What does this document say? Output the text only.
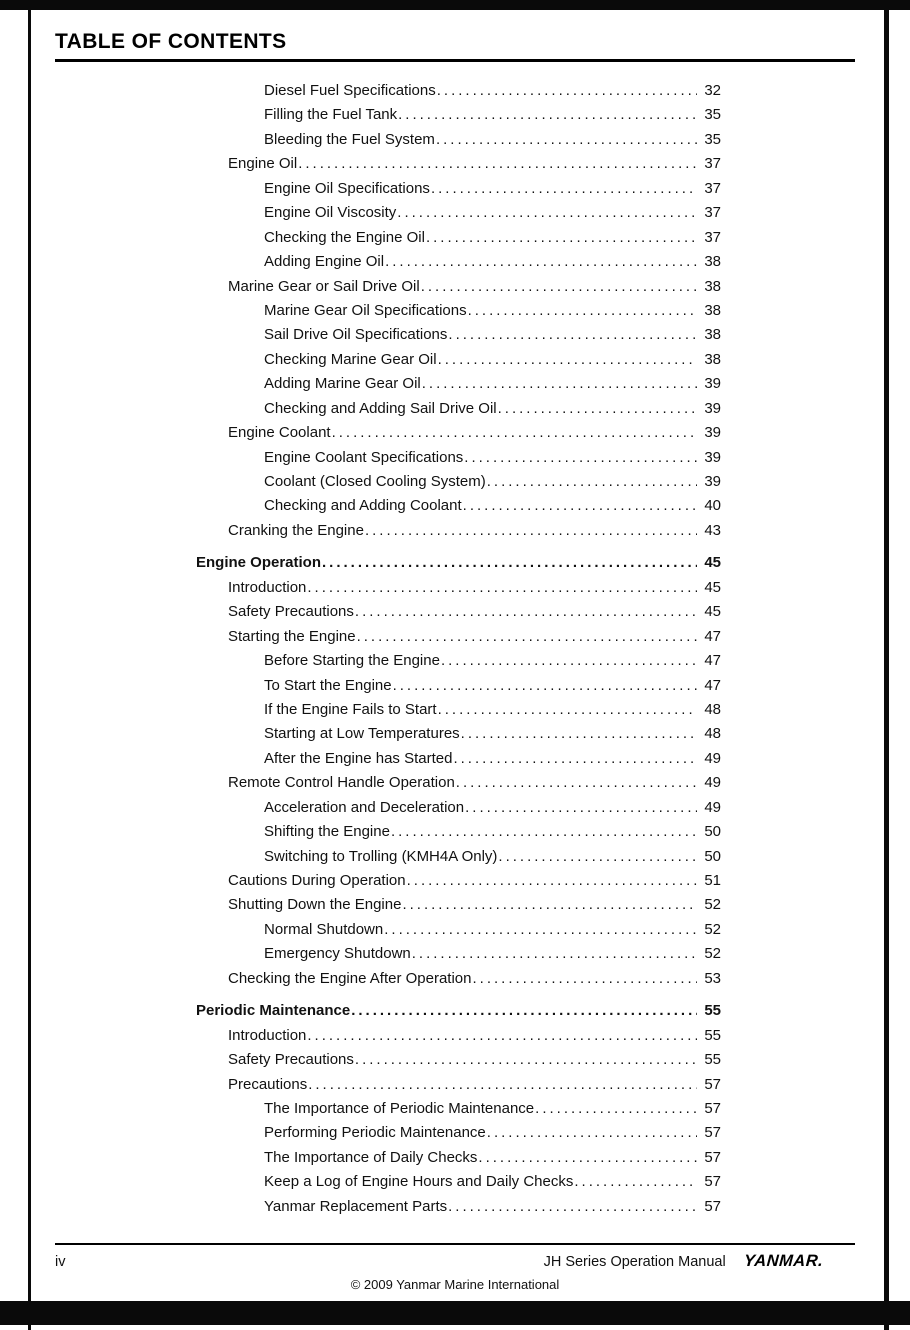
TABLE OF CONTENTS
Diesel Fuel Specifications .....	32
Filling the Fuel Tank .....	35
Bleeding the Fuel System .....	35
Engine Oil .....	37
Engine Oil Specifications .....	37
Engine Oil Viscosity .....	37
Checking the Engine Oil .....	37
Adding Engine Oil .....	38
Marine Gear or Sail Drive Oil .....	38
Marine Gear Oil Specifications .....	38
Sail Drive Oil Specifications .....	38
Checking Marine Gear Oil .....	38
Adding Marine Gear Oil .....	39
Checking and Adding Sail Drive Oil .....	39
Engine Coolant .....	39
Engine Coolant Specifications .....	39
Coolant (Closed Cooling System) .....	39
Checking and Adding Coolant .....	40
Cranking the Engine .....	43
Engine Operation .....	45
Introduction .....	45
Safety Precautions .....	45
Starting the Engine .....	47
Before Starting the Engine .....	47
To Start the Engine .....	47
If the Engine Fails to Start .....	48
Starting at Low Temperatures .....	48
After the Engine has Started .....	49
Remote Control Handle Operation .....	49
Acceleration and Deceleration .....	49
Shifting the Engine .....	50
Switching to Trolling (KMH4A Only) .....	50
Cautions During Operation .....	51
Shutting Down the Engine .....	52
Normal Shutdown .....	52
Emergency Shutdown .....	52
Checking the Engine After Operation .....	53
Periodic Maintenance .....	55
Introduction .....	55
Safety Precautions .....	55
Precautions .....	57
The Importance of Periodic Maintenance .....	57
Performing Periodic Maintenance .....	57
The Importance of Daily Checks .....	57
Keep a Log of Engine Hours and Daily Checks .....	57
Yanmar Replacement Parts .....	57
iv	JH Series Operation Manual YANMAR.
© 2009 Yanmar Marine International
